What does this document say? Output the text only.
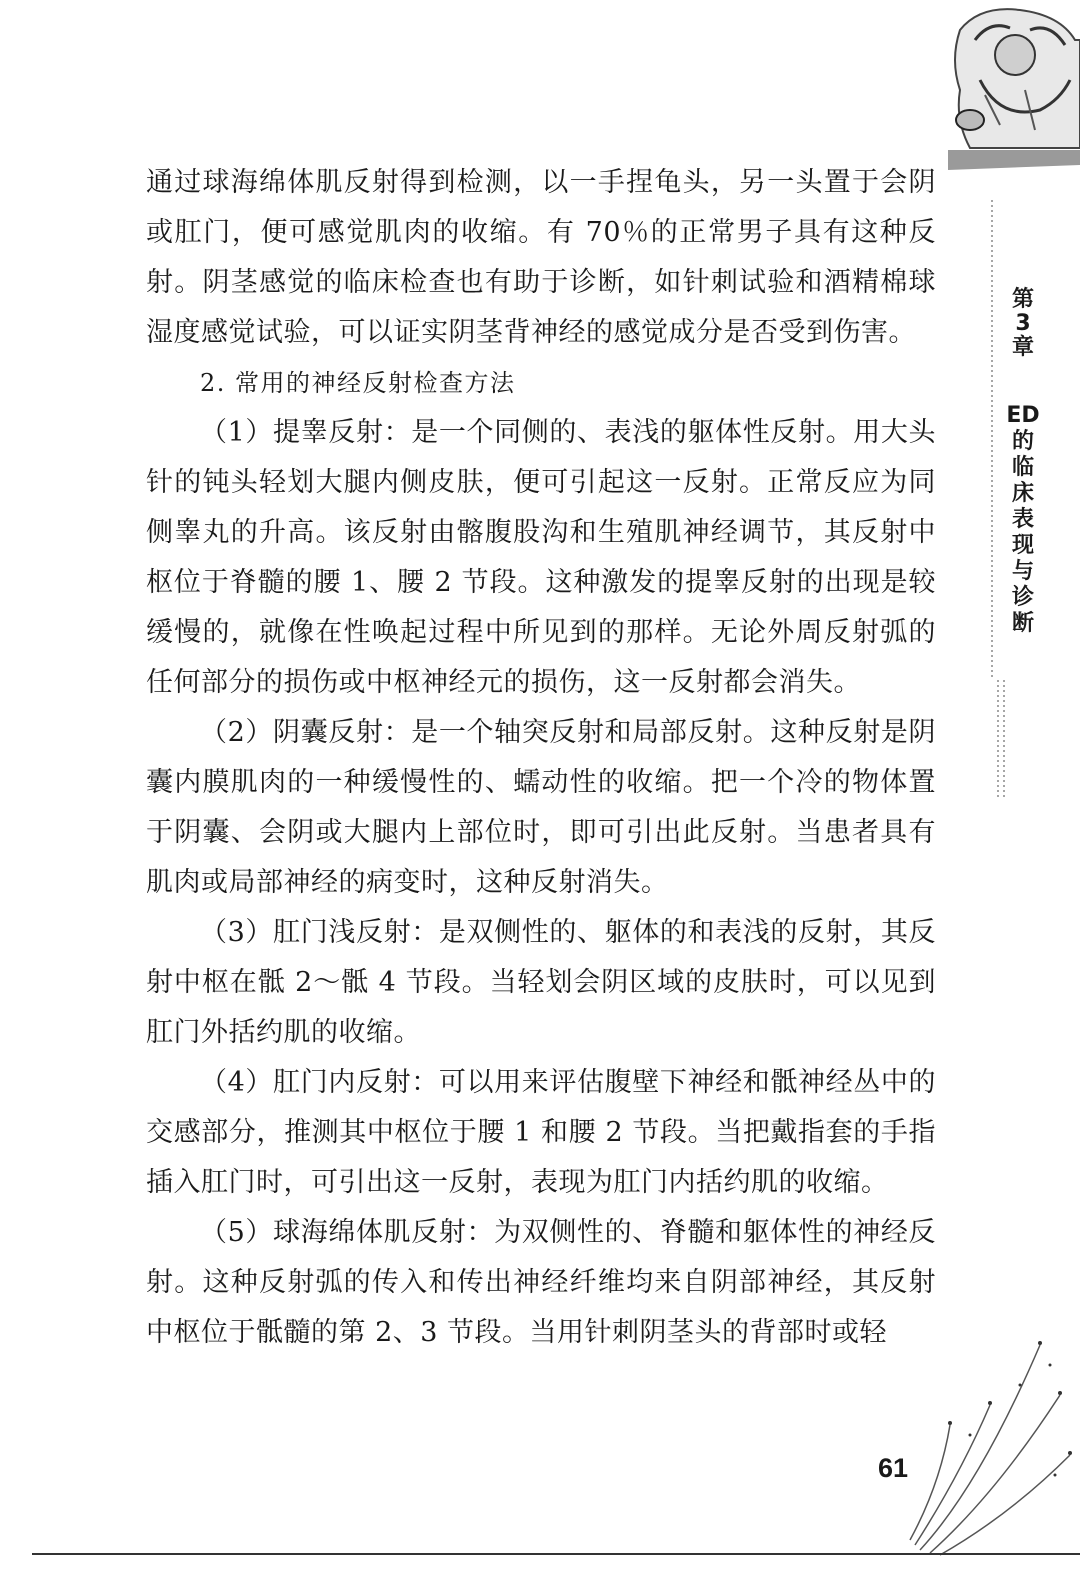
第
3
章
ED的临床表现与诊断

通过球海绵体肌反射得到检测，以一手捏龟头，另一头置于会阴或肛门，便可感觉肌肉的收缩。有 70％的正常男子具有这种反射。阴茎感觉的临床检查也有助于诊断，如针刺试验和酒精棉球湿度感觉试验，可以证实阴茎背神经的感觉成分是否受到伤害。

2. 常用的神经反射检查方法

（1）提睾反射：是一个同侧的、表浅的躯体性反射。用大头针的钝头轻划大腿内侧皮肤，便可引起这一反射。正常反应为同侧睾丸的升高。该反射由髂腹股沟和生殖肌神经调节，其反射中枢位于脊髓的腰 1、腰 2 节段。这种激发的提睾反射的出现是较缓慢的，就像在性唤起过程中所见到的那样。无论外周反射弧的任何部分的损伤或中枢神经元的损伤，这一反射都会消失。

（2）阴囊反射：是一个轴突反射和局部反射。这种反射是阴囊内膜肌肉的一种缓慢性的、蠕动性的收缩。把一个冷的物体置于阴囊、会阴或大腿内上部位时，即可引出此反射。当患者具有肌肉或局部神经的病变时，这种反射消失。

（3）肛门浅反射：是双侧性的、躯体的和表浅的反射，其反射中枢在骶 2～骶 4 节段。当轻划会阴区域的皮肤时，可以见到肛门外括约肌的收缩。

（4）肛门内反射：可以用来评估腹壁下神经和骶神经丛中的交感部分，推测其中枢位于腰 1 和腰 2 节段。当把戴指套的手指插入肛门时，可引出这一反射，表现为肛门内括约肌的收缩。

（5）球海绵体肌反射：为双侧性的、脊髓和躯体性的神经反射。这种反射弧的传入和传出神经纤维均来自阴部神经，其反射中枢位于骶髓的第 2、3 节段。当用针刺阴茎头的背部时或轻

61
